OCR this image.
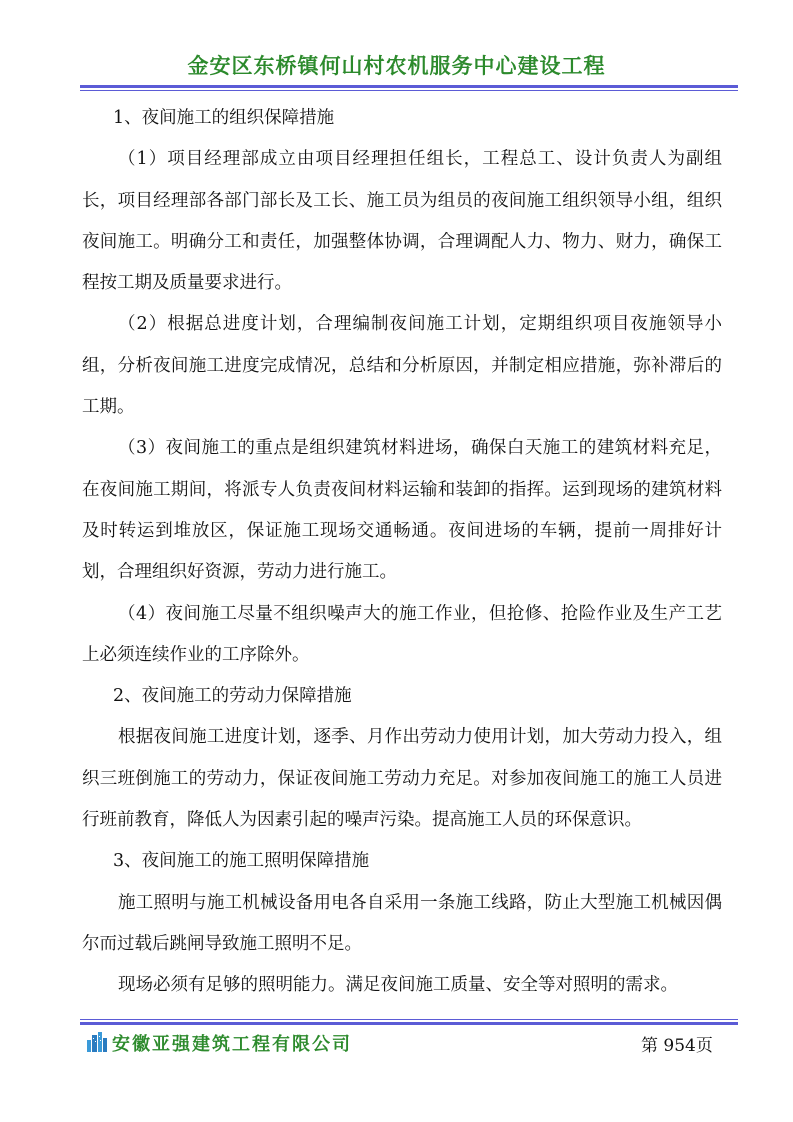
金安区东桥镇何山村农机服务中心建设工程

1、夜间施工的组织保障措施

（1）项目经理部成立由项目经理担任组长，工程总工、设计负责人为副组长，项目经理部各部门部长及工长、施工员为组员的夜间施工组织领导小组，组织夜间施工。明确分工和责任，加强整体协调，合理调配人力、物力、财力，确保工程按工期及质量要求进行。

（2）根据总进度计划，合理编制夜间施工计划，定期组织项目夜施领导小组，分析夜间施工进度完成情况，总结和分析原因，并制定相应措施，弥补滞后的工期。

（3）夜间施工的重点是组织建筑材料进场，确保白天施工的建筑材料充足，在夜间施工期间，将派专人负责夜间材料运输和装卸的指挥。运到现场的建筑材料及时转运到堆放区，保证施工现场交通畅通。夜间进场的车辆，提前一周排好计划，合理组织好资源，劳动力进行施工。

（4）夜间施工尽量不组织噪声大的施工作业，但抢修、抢险作业及生产工艺上必须连续作业的工序除外。

2、夜间施工的劳动力保障措施

根据夜间施工进度计划，逐季、月作出劳动力使用计划，加大劳动力投入，组织三班倒施工的劳动力，保证夜间施工劳动力充足。对参加夜间施工的施工人员进行班前教育，降低人为因素引起的噪声污染。提高施工人员的环保意识。

3、夜间施工的施工照明保障措施

施工照明与施工机械设备用电各自采用一条施工线路，防止大型施工机械因偶尔而过载后跳闸导致施工照明不足。

现场必须有足够的照明能力。满足夜间施工质量、安全等对照明的需求。

安徽亚强建筑工程有限公司	第 954页
